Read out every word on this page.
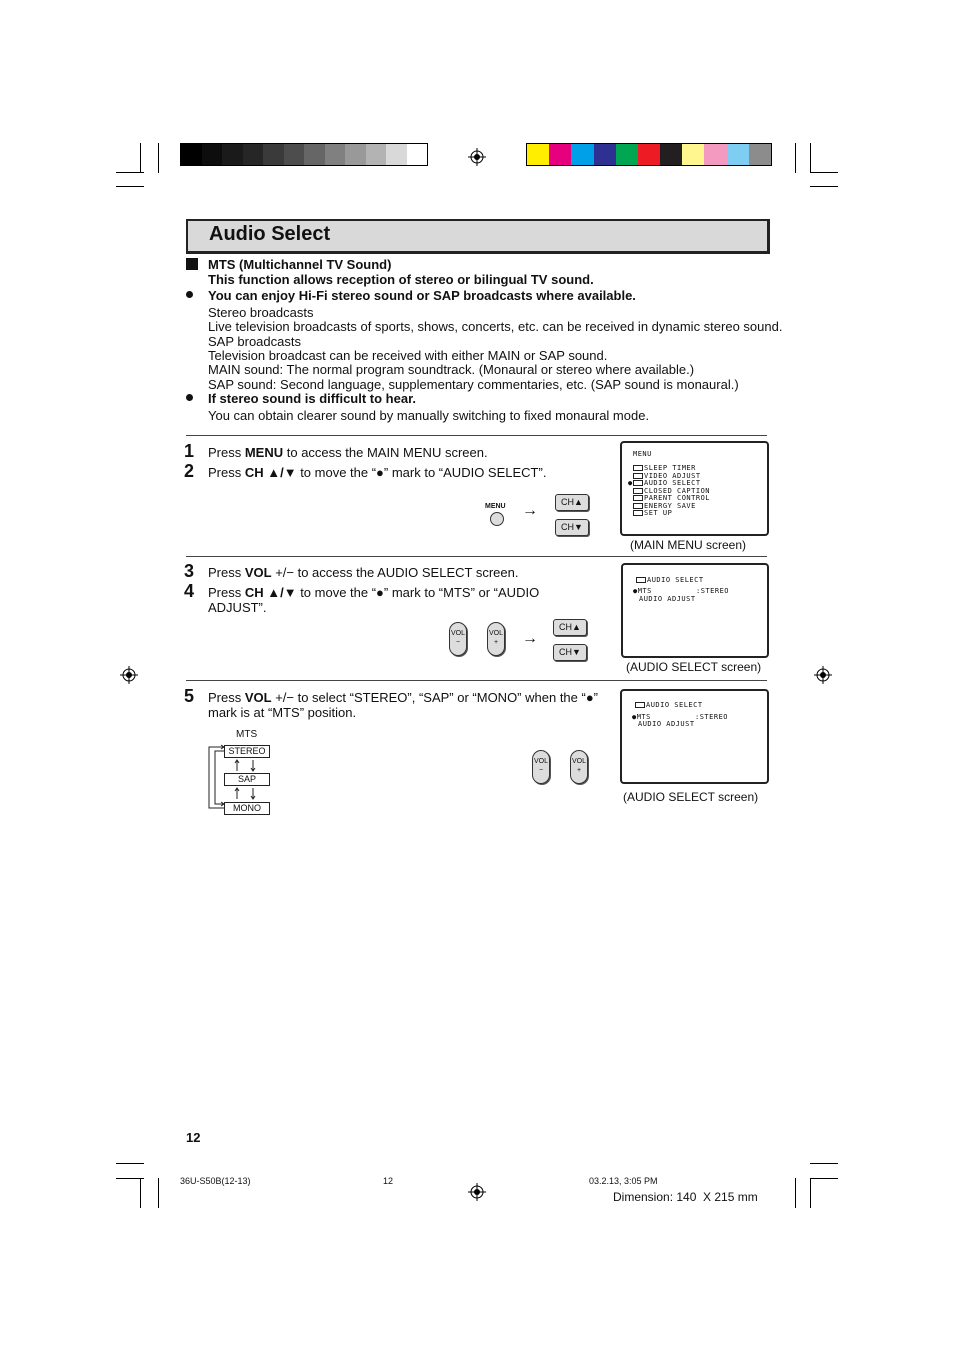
Audio Select
MTS (Multichannel TV Sound)
This function allows reception of stereo or bilingual TV sound.
You can enjoy Hi-Fi stereo sound or SAP broadcasts where available.
Stereo broadcasts
Live television broadcasts of sports, shows, concerts, etc. can be received in dynamic stereo sound.
SAP broadcasts
Television broadcast can be received with either MAIN or SAP sound.
MAIN sound: The normal program soundtrack. (Monaural or stereo where available.)
SAP sound: Second language, supplementary commentaries, etc. (SAP sound is monaural.)
If stereo sound is difficult to hear.
You can obtain clearer sound by manually switching to fixed monaural mode.
1 Press MENU to access the MAIN MENU screen.
2 Press CH ▲/▼ to move the “●” mark to “AUDIO SELECT”.
MENU →	CH▲
CH▼
MENU
SLEEP TIMER
VIDEO ADJUST
● AUDIO SELECT
CLOSED CAPTION
PARENT CONTROL
ENERGY SAVE
SET UP
(MAIN MENU screen)
3 Press VOL +/− to access the AUDIO SELECT screen.
4 Press CH ▲/▼ to move the “●” mark to “MTS” or “AUDIO ADJUST”.
VOL
−
VOL
+	→
CH▲
CH▼
AUDIO SELECT
●MTS	:STEREO
AUDIO ADJUST
(AUDIO SELECT screen)
5 Press VOL +/− to select “STEREO”, “SAP” or “MONO” when the “●” mark is at “MTS” position.
MTS
STEREO
SAP
MONO
VOL
−
VOL
+
AUDIO SELECT
●MTS	:STEREO
AUDIO ADJUST
(AUDIO SELECT screen)
12
36U-S50B(12-13)	12	03.2.13, 3:05 PM
Dimension: 140  X 215 mm
